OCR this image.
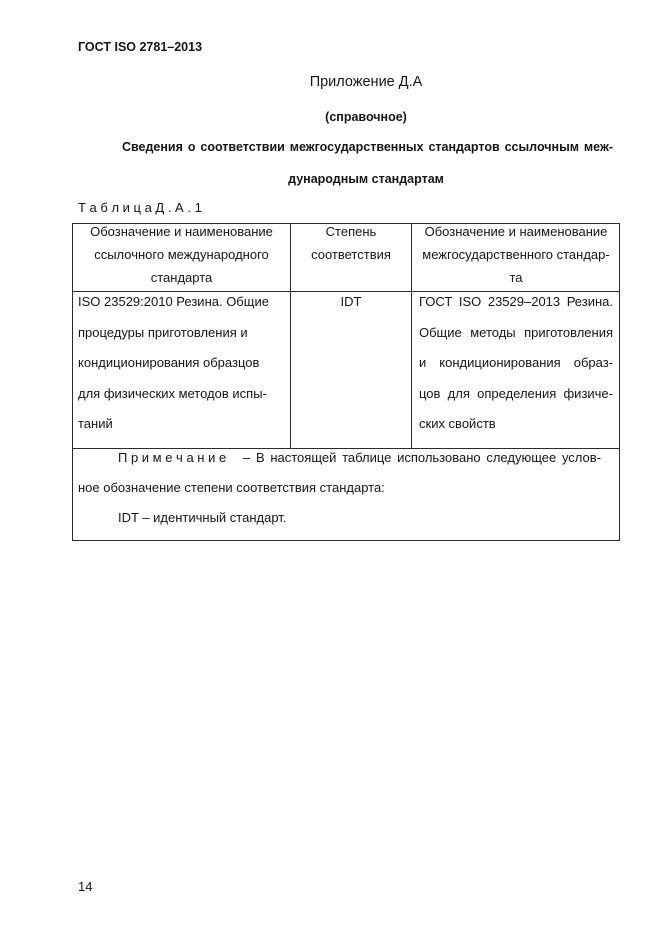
ГОСТ ISO 2781–2013
Приложение Д.А
(справочное)
Сведения о соответствии межгосударственных стандартов ссылочным меж-
дународным стандартам
Т а б л и ц а Д . А . 1
Обозначение и наименование
ссылочного международного
стандарта
Степень
соответствия
Обозначение и наименование
межгосударственного стандар-
та
ISO 23529:2010 Резина. Общие
процедуры приготовления и
кондиционирования образцов
для физических методов испы-
таний
IDT	ГОСТ ISO 23529–2013 Резина.
Общие методы приготовления
и кондиционирования образ-
цов для определения физиче-
ских свойств
П р и м е ч а н и е – В настоящей таблице использовано следующее услов-
ное обозначение степени соответствия стандарта:
IDT – идентичный стандарт.
14
